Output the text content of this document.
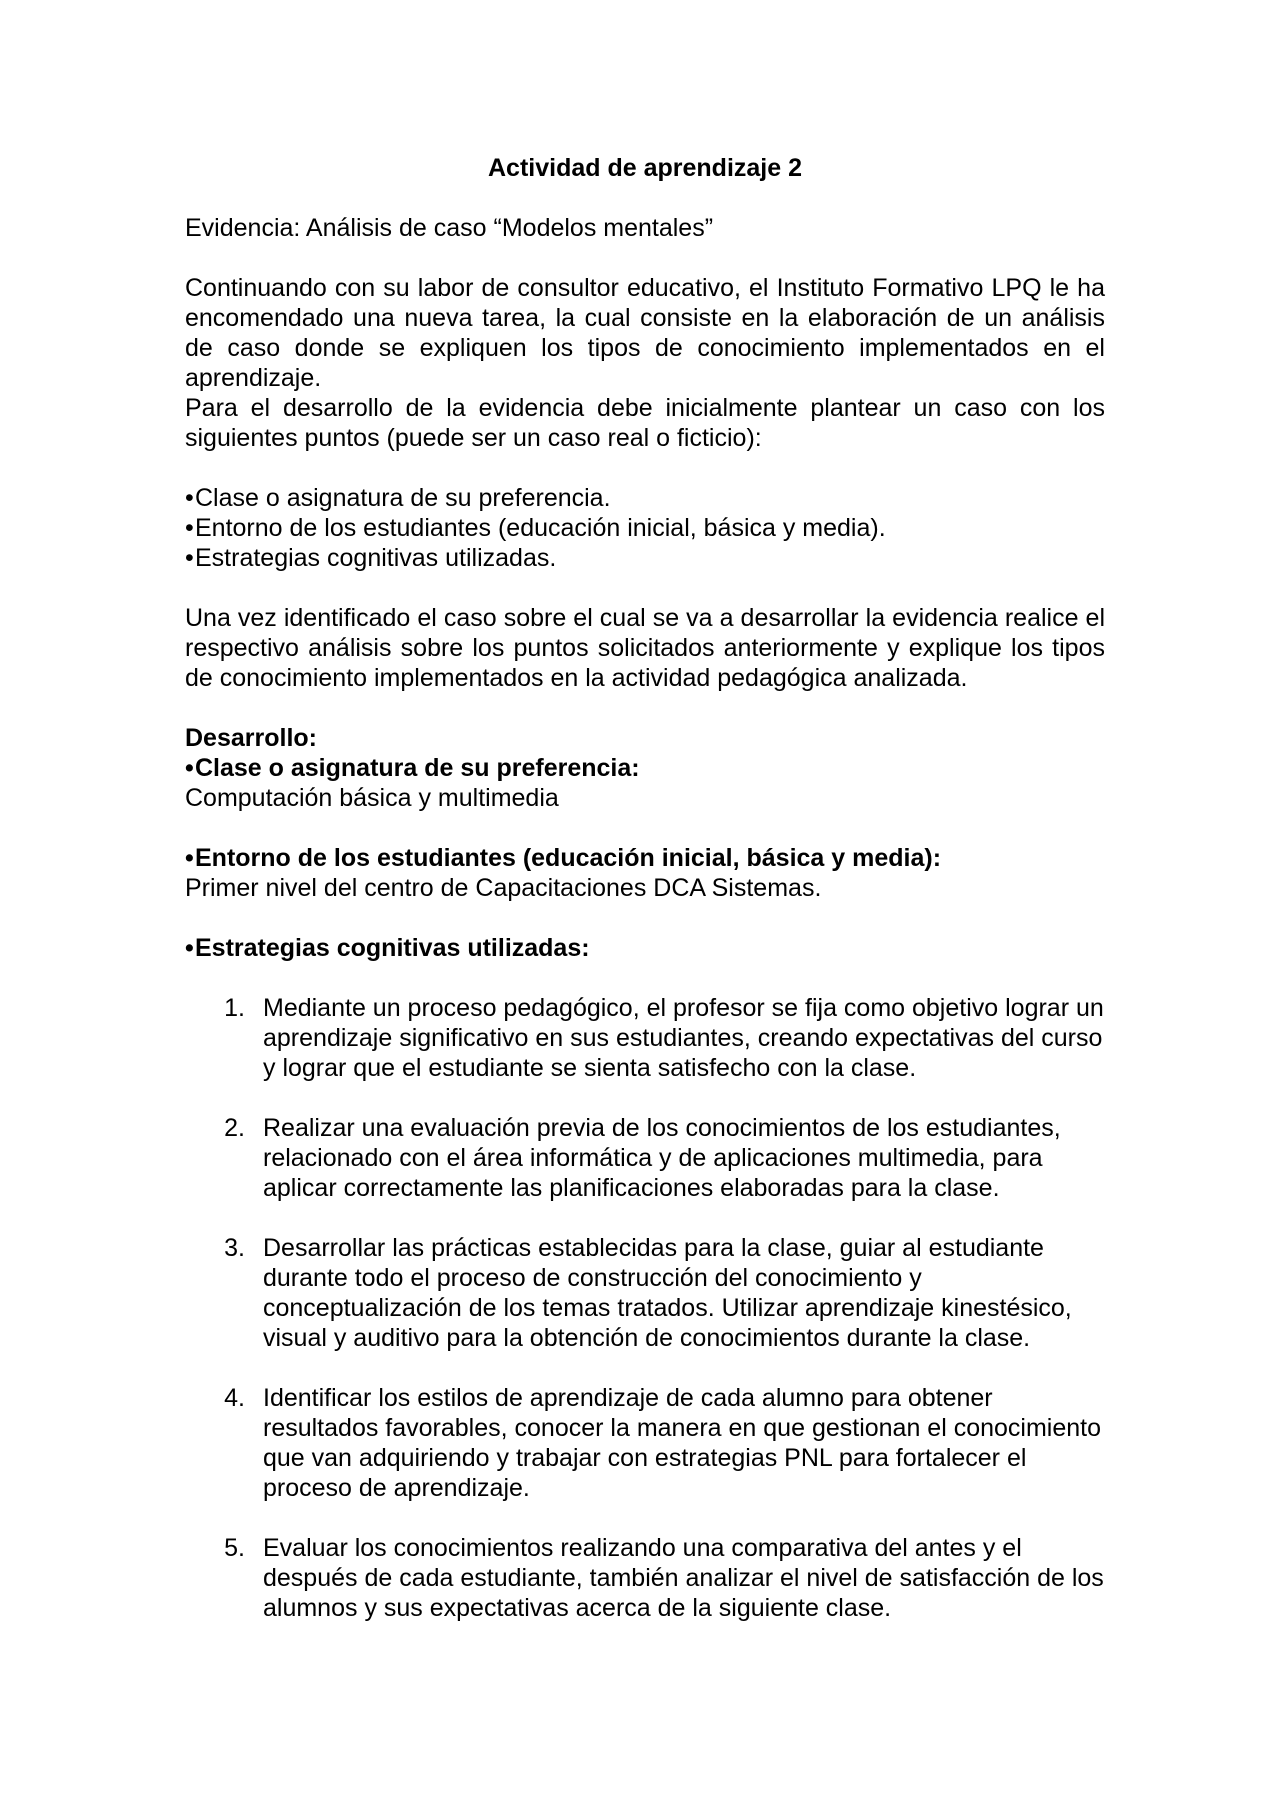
Actividad de aprendizaje 2

Evidencia: Análisis de caso “Modelos mentales”

Continuando con su labor de consultor educativo, el Instituto Formativo LPQ le ha encomendado una nueva tarea, la cual consiste en la elaboración de un análisis de caso donde se expliquen los tipos de conocimiento implementados en el aprendizaje.

Para el desarrollo de la evidencia debe inicialmente plantear un caso con los siguientes puntos (puede ser un caso real o ficticio):

• Clase o asignatura de su preferencia.

• Entorno de los estudiantes (educación inicial, básica y media).

• Estrategias cognitivas utilizadas.

Una vez identificado el caso sobre el cual se va a desarrollar la evidencia realice el respectivo análisis sobre los puntos solicitados anteriormente y explique los tipos de conocimiento implementados en la actividad pedagógica analizada.

Desarrollo:

• Clase o asignatura de su preferencia:

Computación básica y multimedia

• Entorno de los estudiantes (educación inicial, básica y media):

Primer nivel del centro de Capacitaciones DCA Sistemas.

• Estrategias cognitivas utilizadas:

1. Mediante un proceso pedagógico, el profesor se fija como objetivo lograr un aprendizaje significativo en sus estudiantes, creando expectativas del curso y lograr que el estudiante se sienta satisfecho con la clase.
2. Realizar una evaluación previa de los conocimientos de los estudiantes, relacionado con el área informática y de aplicaciones multimedia, para aplicar correctamente las planificaciones elaboradas para la clase.
3. Desarrollar las prácticas establecidas para la clase, guiar al estudiante durante todo el proceso de construcción del conocimiento y conceptualización de los temas tratados. Utilizar aprendizaje kinestésico, visual y auditivo para la obtención de conocimientos durante la clase.
4. Identificar los estilos de aprendizaje de cada alumno para obtener resultados favorables, conocer la manera en que gestionan el conocimiento que van adquiriendo y trabajar con estrategias PNL para fortalecer el proceso de aprendizaje.
5. Evaluar los conocimientos realizando una comparativa del antes y el después de cada estudiante, también analizar el nivel de satisfacción de los alumnos y sus expectativas acerca de la siguiente clase.
